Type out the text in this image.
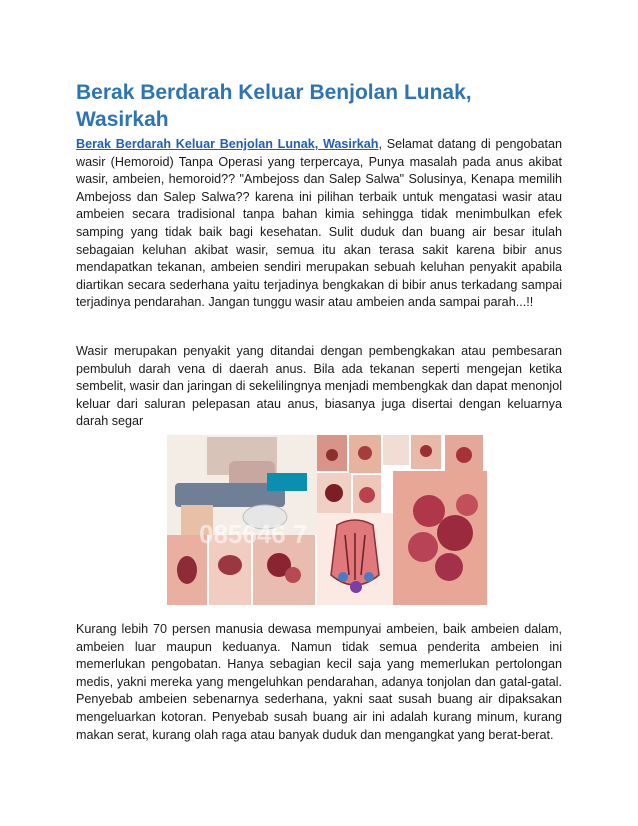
Berak Berdarah Keluar Benjolan Lunak, Wasirkah

Berak Berdarah Keluar Benjolan Lunak, Wasirkah, Selamat datang di pengobatan wasir (Hemoroid) Tanpa Operasi yang terpercaya, Punya masalah pada anus akibat wasir, ambeien, hemoroid?? "Ambejoss dan Salep Salwa" Solusinya, Kenapa memilih Ambejoss dan Salep Salwa?? karena ini pilihan terbaik untuk mengatasi wasir atau ambeien secara tradisional tanpa bahan kimia sehingga tidak menimbulkan efek samping yang tidak baik bagi kesehatan. Sulit duduk dan buang air besar itulah sebagaian keluhan akibat wasir, semua itu akan terasa sakit karena bibir anus mendapatkan tekanan, ambeien sendiri merupakan sebuah keluhan penyakit apabila diartikan secara sederhana yaitu terjadinya bengkakan di bibir anus terkadang sampai terjadinya pendarahan. Jangan tunggu wasir atau ambeien anda sampai parah...!!

Wasir merupakan penyakit yang ditandai dengan pembengkakan atau pembesaran pembuluh darah vena di daerah anus. Bila ada tekanan seperti mengejan ketika sembelit, wasir dan jaringan di sekelilingnya menjadi membengkak dan dapat menonjol keluar dari saluran pelepasan atau anus, biasanya juga disertai dengan keluarnya darah segar

085646 7

Kurang lebih 70 persen manusia dewasa mempunyai ambeien, baik ambeien dalam, ambeien luar maupun keduanya. Namun tidak semua penderita ambeien ini memerlukan pengobatan. Hanya sebagian kecil saja yang memerlukan pertolongan medis, yakni mereka yang mengeluhkan pendarahan, adanya tonjolan dan gatal-gatal. Penyebab ambeien sebenarnya sederhana, yakni saat susah buang air dipaksakan mengeluarkan kotoran. Penyebab susah buang air ini adalah kurang minum, kurang makan serat, kurang olah raga atau banyak duduk dan mengangkat yang berat-berat.
